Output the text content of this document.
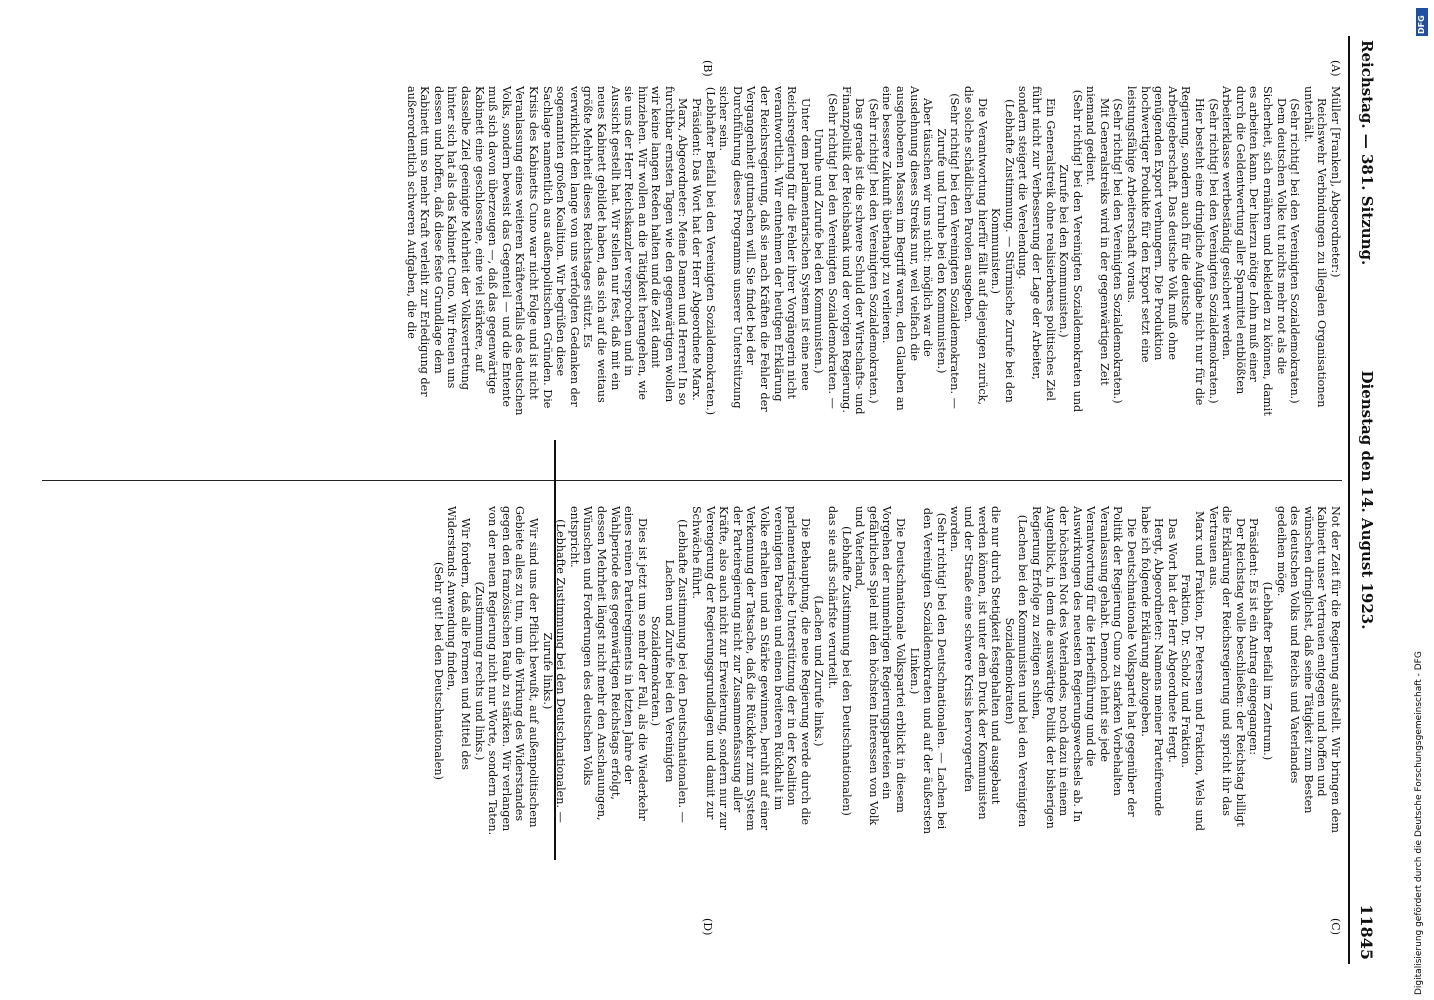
Reichstag. — 381. Sitzung.
Dienstag den 14. August 1923.
11845
(A)
(B)
(C)
(D)

Müller [Franken], Abgeordneter:)

Reichswehr Verbindungen zu illegalen Organisationen unterhält.

(Sehr richtig! bei den Vereinigten Sozialdemokraten.)

Dem deutschen Volke tut nichts mehr not als die Sicherheit, sich ernähren und bekleiden zu können, damit es arbeiten kann. Der hierzu nötige Lohn muß einer durch die Geldentwertung aller Sparmittel entblößten Arbeiterklasse wertbeständig gesichert werden.

(Sehr richtig! bei den Vereinigten Sozialdemokraten.)

Hier besteht eine dringliche Aufgabe nicht nur für die Regierung, sondern auch für die deutsche Arbeitgeberschaft. Das deutsche Volk muß ohne genügenden Export verhungern. Die Produktion hochwertiger Produkte für den Export setzt eine leistungsfähige Arbeiterschaft voraus.

(Sehr richtig! bei den Vereinigten Sozialdemokraten.)

Mit Generalstreiks wird in der gegenwärtigen Zeit niemand gedient.

(Sehr richtig! bei den Vereinigten Sozialdemokraten und Zurufe bei den Kommunisten.)

Ein Generalstreik ohne realisierbares politisches Ziel führt nicht zur Verbesserung der Lage der Arbeiter, sondern steigert die Verelendung.

(Lebhafte Zustimmung. — Stürmische Zurufe bei den Kommunisten.)

Die Verantwortung hierfür fällt auf diejenigen zurück, die solche schädlichen Parolen ausgeben.

(Sehr richtig! bei den Vereinigten Sozialdemokraten. — Zurufe und Unruhe bei den Kommunisten.)

Aber täuschen wir uns nicht: möglich war die Ausdehnung dieses Streiks nur, weil vielfach die ausgehobenen Massen im Begriff waren, den Glauben an eine bessere Zukunft überhaupt zu verlieren.

(Sehr richtig! bei den Vereinigten Sozialdemokraten.)

Das gerade ist die schwere Schuld der Wirtschafts- und Finanzpolitik der Reichsbank und der vorigen Regierung.

(Sehr richtig! bei den Vereinigten Sozialdemokraten. — Unruhe und Zurufe bei den Kommunisten.)

Unter dem parlamentarischen System ist eine neue Reichsregierung für die Fehler ihrer Vorgängerin nicht verantwortlich. Wir entnehmen der heutigen Erklärung der Reichsregierung, daß sie nach Kräften die Fehler der Vergangenheit gutmachen will. Sie findet bei der Durchführung dieses Programms unserer Unterstützung sicher sein.

(Lebhafter Beifall bei den Vereinigten Sozialdemokraten.)

Präsident: Das Wort hat der Herr Abgeordnete Marx.

Marx, Abgeordneter: Meine Damen und Herren! In so furchtbar ernsten Tagen wie den gegenwärtigen wollen wir keine langen Reden halten und die Zeit damit hinziehen. Wir wollen an die Tätigkeit herangehen, wie sie uns der Herr Reichskanzler versprochen und in Aussicht gestellt hat. Wir stellen nur fest, daß mit ein neues Kabinett gebildet haben, das sich auf die weitaus größte Mehrheit dieses Reichstages stützt. Es verwirklicht den lange von uns verfolgten Gedanken der sogenannten großen Koalition. Wir begrüßen diese Sachlage namentlich aus außenpolitischen Gründen. Die Krisis des Kabinetts Cuno war nicht Folge und ist nicht Veranlassung eines weiteren Kräfteverfalls des deutschen Volks, sondern beweist das Gegenteil — und die Entente muß sich davon überzeugen —, daß das gegenwärtige Kabinett eine geschlossene, eine viel stärkere, auf dasselbe Ziel geeinigte Mehrheit der Volksvertretung hinter sich hat als das Kabinett Cuno. Wir freuen uns dessen und hoffen, daß diese feste Grundlage dem Kabinett um so mehr Kraft verleiht zur Erledigung der außerordentlich schweren Aufgaben, die die

Not der Zeit für die Regierung aufstellt. Wir bringen dem Kabinett unser Vertrauen entgegen und hoffen und wünschen dringlichst, daß seine Tätigkeit zum Besten des deutschen Volks und Reichs und Vaterlandes gedeihen möge.

(Lebhafter Beifall im Zentrum.)

Präsident: Es ist ein Antrag eingegangen:

Der Reichstag wolle beschließen: der Reichstag billigt die Erklärung der Reichsregierung und spricht ihr das Vertrauen aus.

Marx und Fraktion, Dr. Petersen und Fraktion, Wels und Fraktion, Dr. Scholz und Fraktion.

Das Wort hat der Herr Abgeordnete Hergt.

Hergt, Abgeordneter: Namens meiner Parteifreunde habe ich folgende Erklärung abzugeben.

Die Deutschnationale Volkspartei hat gegenüber der Politik der Regierung Cuno zu starken Vorbehalten Veranlassung gehabt. Dennoch lehnt sie jede Verantwortung für die Herbeiführung und die Auswirkungen des neuesten Regierungswechsels ab. In der höchsten Not des Vaterlandes, noch dazu in einem Augenblick, in dem die auswärtige Politik der bisherigen Regierung Erfolge zu zeitigen schien,

(Lachen bei den Kommunisten und bei den Vereinigten Sozialdemokraten)

die nur durch Stetigkeit festgehalten und ausgebaut werden können, ist unter dem Druck der Kommunisten und der Straße eine schwere Krisis hervorgerufen worden.

(Sehr richtig! bei den Deutschnationalen. — Lachen bei den Vereinigten Sozialdemokraten und auf der äußersten Linken.)

Die Deutschnationale Volkspartei erblickt in diesem Vorgehen der nunmehrigen Regierungsparteien ein gefährliches Spiel mit den höchsten Interessen von Volk und Vaterland,

(Lebhafte Zustimmung bei den Deutschnationalen)

das sie aufs schärfste verurteilt.

(Lachen und Zurufe links.)

Die Behauptung, die neue Regierung werde durch die parlamentarische Unterstützung der in der Koalition vereinigten Parteien und einen breiteren Rückhalt im Volke erhalten und an Stärke gewinnen, beruht auf einer Verkennung der Tatsache, daß die Rückkehr zum System der Parteiregierung nicht zur Zusammenfassung aller Kräfte, also auch nicht zur Erweiterung, sondern nur zur Verengerung der Regierungsgrundlagen und damit zur Schwäche führt.

(Lebhafte Zustimmung bei den Deutschnationalen. — Lachen und Zurufe bei den Vereinigten Sozialdemokraten.)

Dies ist jetzt um so mehr der Fall, als die Wiederkehr eines reinen Parteiregiments in letzten Jahre der Wahlperiode des gegenwärtigen Reichstags erfolgt, dessen Mehrheit längst nicht mehr den Anschauungen, Wünschen und Forderungen des deutschen Volks entspricht.

(Lebhafte Zustimmung bei den Deutschnationalen. — Zurufe links.)

Wir sind uns der Pflicht bewußt, auf außenpolitischem Gebiete alles zu tun, um die Wirkung des Widerstandes gegen den französischen Raub zu stärken. Wir verlangen von der neuen Regierung nicht nur Worte, sondern Taten.

(Zustimmung rechts und links.)

Wir fordern, daß alle Formen und Mittel des Widerstands Anwendung finden,

(Sehr gut! bei den Deutschnationalen)

DFG
Digitalisierung gefördert durch die Deutsche Forschungsgemeinschaft - DFG
